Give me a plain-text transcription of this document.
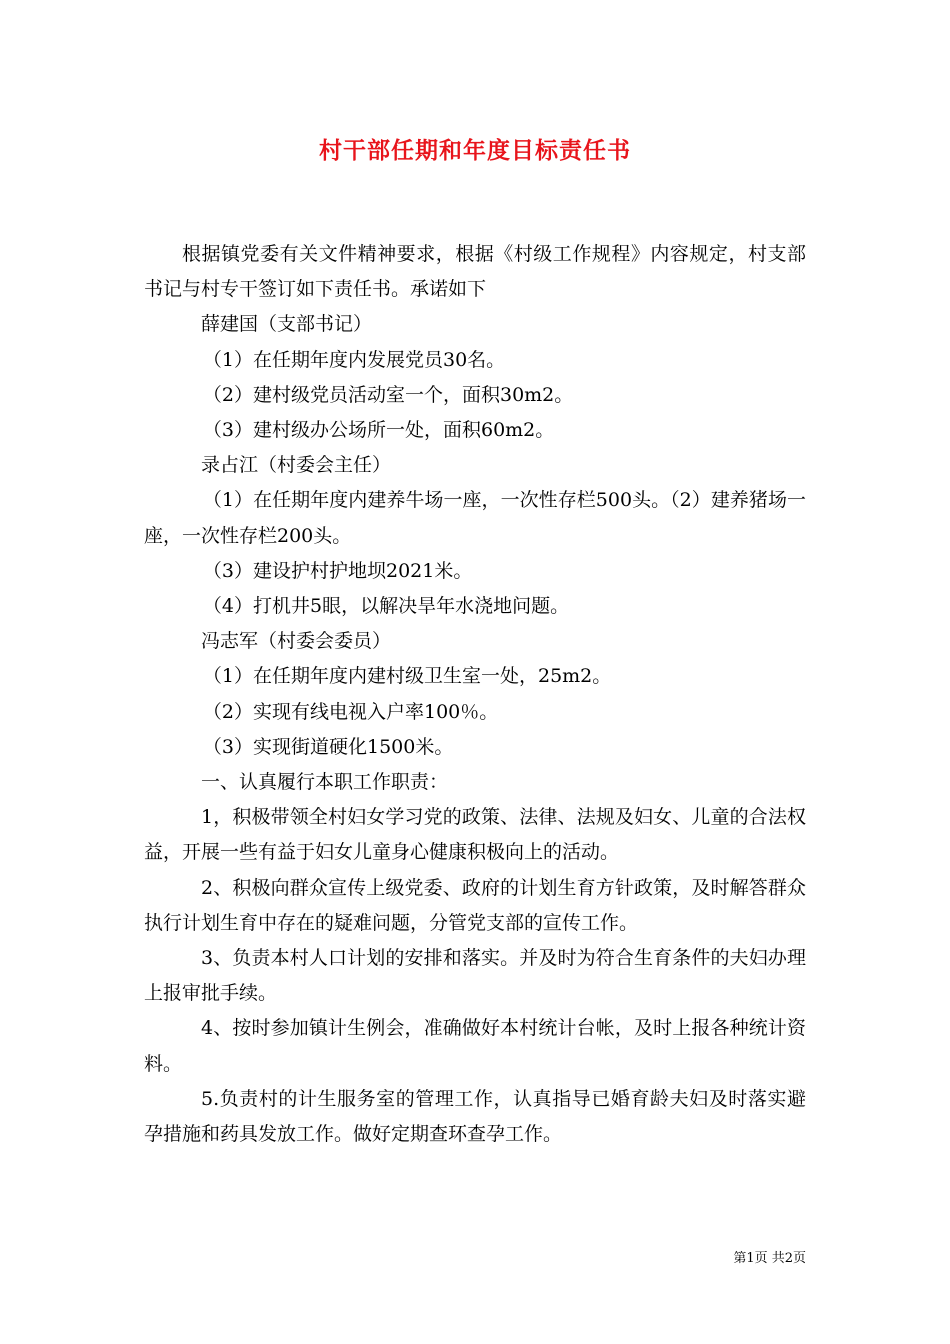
村干部任期和年度目标责任书

根据镇党委有关文件精神要求，根据《村级工作规程》内容规定，村支部书记与村专干签订如下责任书。承诺如下

薛建国（支部书记）

（1）在任期年度内发展党员30名。

（2）建村级党员活动室一个，面积30m2。

（3）建村级办公场所一处，面积60m2。

录占江（村委会主任）

（1）在任期年度内建养牛场一座，一次性存栏500头。（2）建养猪场一座，一次性存栏200头。

（3）建设护村护地坝2021米。

（4）打机井5眼，以解决旱年水浇地问题。

冯志军（村委会委员）

（1）在任期年度内建村级卫生室一处，25m2。

（2）实现有线电视入户率100％。

（3）实现街道硬化1500米。

一、认真履行本职工作职责：

1，积极带领全村妇女学习党的政策、法律、法规及妇女、儿童的合法权益，开展一些有益于妇女儿童身心健康积极向上的活动。

2、积极向群众宣传上级党委、政府的计划生育方针政策，及时解答群众执行计划生育中存在的疑难问题，分管党支部的宣传工作。

3、负责本村人口计划的安排和落实。并及时为符合生育条件的夫妇办理上报审批手续。

4、按时参加镇计生例会，准确做好本村统计台帐，及时上报各种统计资料。

5.负责村的计生服务室的管理工作，认真指导已婚育龄夫妇及时落实避孕措施和药具发放工作。做好定期查环查孕工作。

第1页 共2页
